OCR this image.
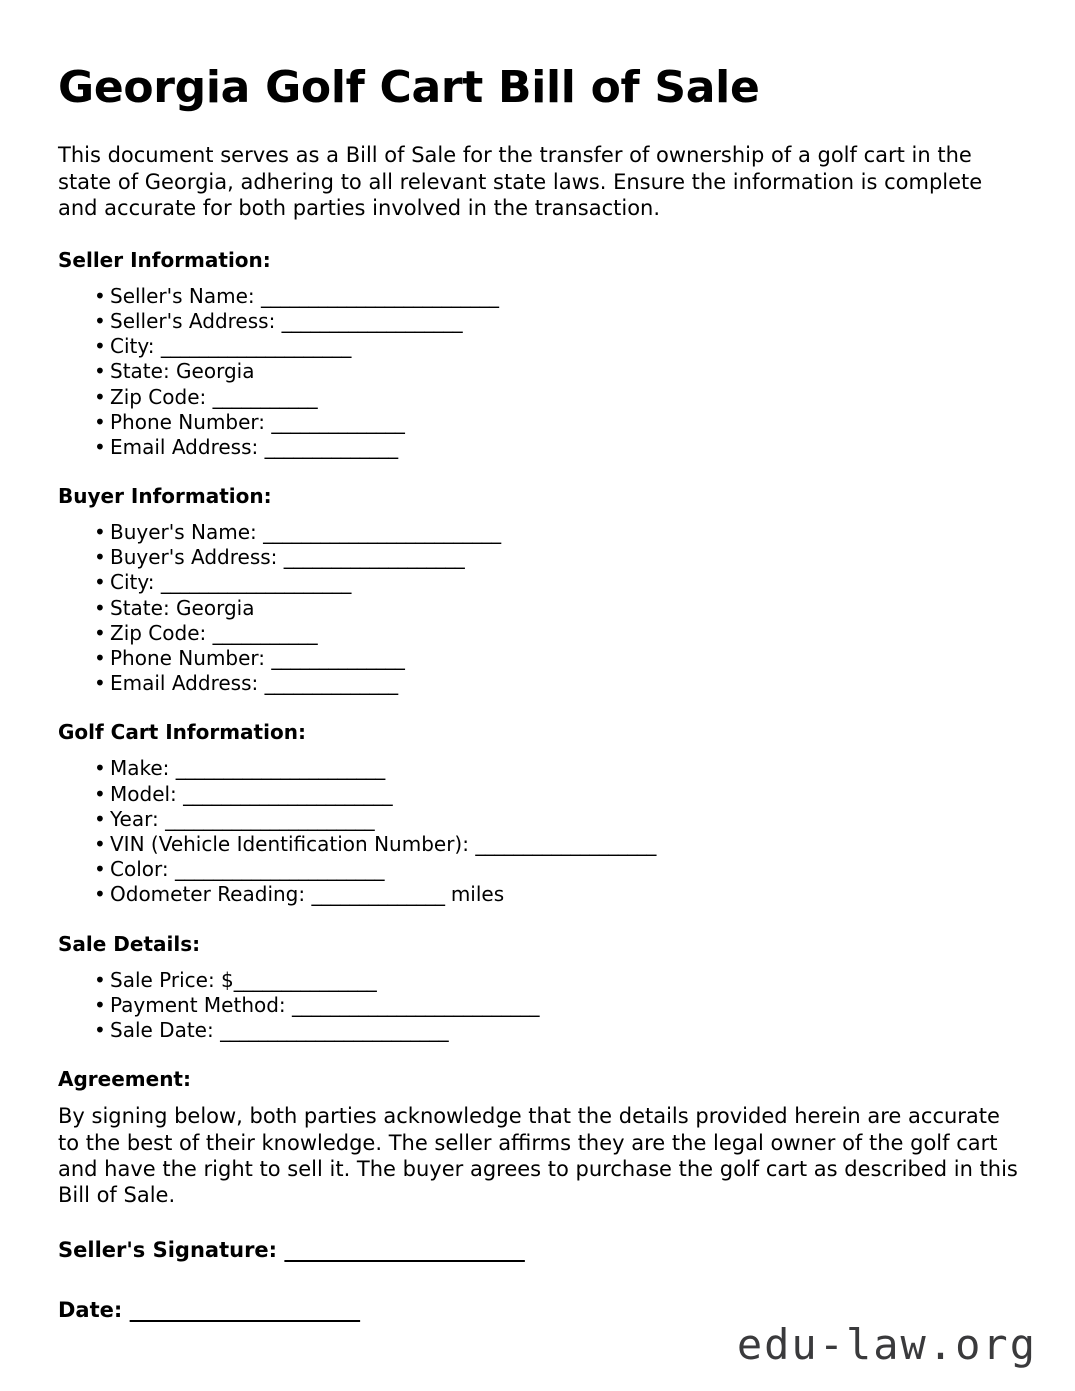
Georgia Golf Cart Bill of Sale

This document serves as a Bill of Sale for the transfer of ownership of a golf cart in the state of Georgia, adhering to all relevant state laws. Ensure the information is complete and accurate for both parties involved in the transaction.

Seller Information:
• Seller's Name: _________________________
• Seller's Address: ___________________
• City: ____________________
• State: Georgia
• Zip Code: ___________
• Phone Number: ______________
• Email Address: ______________
Buyer Information:
• Buyer's Name: _________________________
• Buyer's Address: ___________________
• City: ____________________
• State: Georgia
• Zip Code: ___________
• Phone Number: ______________
• Email Address: ______________
Golf Cart Information:
• Make: ______________________
• Model: ______________________
• Year: ______________________
• VIN (Vehicle Identification Number): ___________________
• Color: ______________________
• Odometer Reading: ______________ miles
Sale Details:
• Sale Price: $_______________
• Payment Method: __________________________
• Sale Date: ________________________
Agreement:

By signing below, both parties acknowledge that the details provided herein are accurate to the best of their knowledge. The seller affirms they are the legal owner of the golf cart and have the right to sell it. The buyer agrees to purchase the golf cart as described in this Bill of Sale.

Seller's Signature: ________________________
Date: _______________________
edu-law.org
